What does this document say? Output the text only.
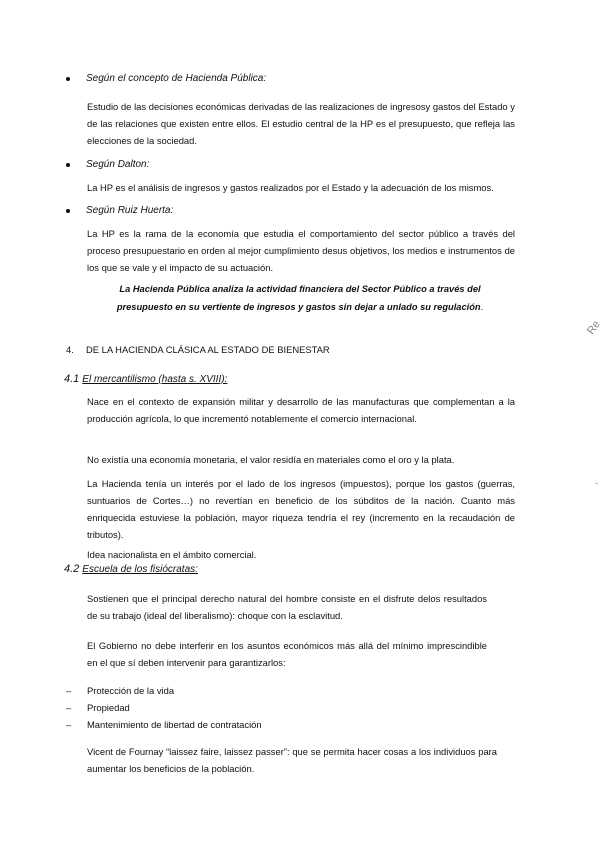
Según el concepto de Hacienda Pública:
Estudio de las decisiones económicas derivadas de las realizaciones de ingresosy gastos del Estado y de las relaciones que existen entre ellos. El estudio central de la HP es el presupuesto, que refleja las elecciones de la sociedad.
Según Dalton:
La HP es el análisis de ingresos y gastos realizados por el Estado y la adecuación de los mismos.
Según Ruiz Huerta:
La HP es la rama de la economía que estudia el comportamiento del sector público a través del proceso presupuestario en orden al mejor cumplimiento desus objetivos, los medios e instrumentos de los que se vale y el impacto de su actuación.
La Hacienda Pública analiza la actividad financiera del Sector Público a través del presupuesto en su vertiente de ingresos y gastos sin dejar a unlado su regulación.
4. DE LA HACIENDA CLÁSICA AL ESTADO DE BIENESTAR
4.1 El mercantilismo (hasta s. XVIII):
Nace en el contexto de expansión militar y desarrollo de las manufacturas que complementan a la producción agrícola, lo que incrementó notablemente el comercio internacional.
No existía una economía monetaria, el valor residía en materiales como el oro y la plata.
La Hacienda tenía un interés por el lado de los ingresos (impuestos), porque los gastos (guerras, suntuarios de Cortes…) no revertían en beneficio de los súbditos de la nación. Cuanto más enriquecida estuviese la población, mayor riqueza tendría el rey (incremento en la recaudación de tributos).
Idea nacionalista en el ámbito comercial.
4.2 Escuela de los fisiócratas:
Sostienen que el principal derecho natural del hombre consiste en el disfrute delos resultados de su trabajo (ideal del liberalismo): choque con la esclavitud.
El Gobierno no debe interferir en los asuntos económicos más allá del mínimo imprescindible en el que sí deben intervenir para garantizarlos:
– Protección de la vida
– Propiedad
– Mantenimiento de libertad de contratación
Vicent de Fournay “laissez faire, laissez passer”: que se permita hacer cosas a los individuos para aumentar los beneficios de la población.
Re
-
